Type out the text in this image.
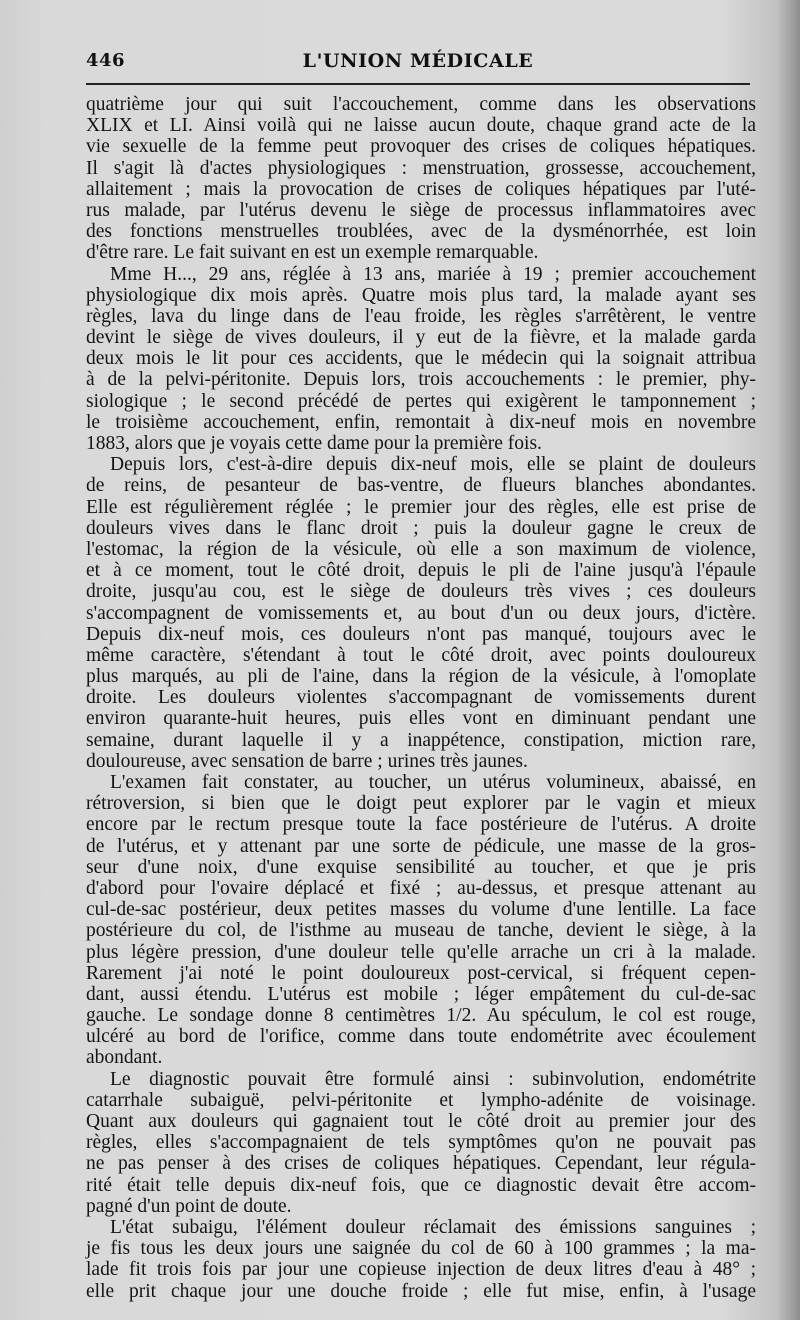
446	L'UNION MÉDICALE
quatrième jour qui suit l'accouchement, comme dans les observations
XLIX et LI. Ainsi voilà qui ne laisse aucun doute, chaque grand acte de la
vie sexuelle de la femme peut provoquer des crises de coliques hépatiques.
Il s'agit là d'actes physiologiques : menstruation, grossesse, accouchement,
allaitement ; mais la provocation de crises de coliques hépatiques par l'uté-
rus malade, par l'utérus devenu le siège de processus inflammatoires avec
des fonctions menstruelles troublées, avec de la dysménorrhée, est loin
d'être rare. Le fait suivant en est un exemple remarquable.
Mme H..., 29 ans, réglée à 13 ans, mariée à 19 ; premier accouchement
physiologique dix mois après. Quatre mois plus tard, la malade ayant ses
règles, lava du linge dans de l'eau froide, les règles s'arrêtèrent, le ventre
devint le siège de vives douleurs, il y eut de la fièvre, et la malade garda
deux mois le lit pour ces accidents, que le médecin qui la soignait attribua
à de la pelvi-péritonite. Depuis lors, trois accouchements : le premier, phy-
siologique ; le second précédé de pertes qui exigèrent le tamponnement ;
le troisième accouchement, enfin, remontait à dix-neuf mois en novembre
1883, alors que je voyais cette dame pour la première fois.
Depuis lors, c'est-à-dire depuis dix-neuf mois, elle se plaint de douleurs
de reins, de pesanteur de bas-ventre, de flueurs blanches abondantes.
Elle est régulièrement réglée ; le premier jour des règles, elle est prise de
douleurs vives dans le flanc droit ; puis la douleur gagne le creux de
l'estomac, la région de la vésicule, où elle a son maximum de violence,
et à ce moment, tout le côté droit, depuis le pli de l'aine jusqu'à l'épaule
droite, jusqu'au cou, est le siège de douleurs très vives ; ces douleurs
s'accompagnent de vomissements et, au bout d'un ou deux jours, d'ictère.
Depuis dix-neuf mois, ces douleurs n'ont pas manqué, toujours avec le
même caractère, s'étendant à tout le côté droit, avec points douloureux
plus marqués, au pli de l'aine, dans la région de la vésicule, à l'omoplate
droite. Les douleurs violentes s'accompagnant de vomissements durent
environ quarante-huit heures, puis elles vont en diminuant pendant une
semaine, durant laquelle il y a inappétence, constipation, miction rare,
douloureuse, avec sensation de barre ; urines très jaunes.
L'examen fait constater, au toucher, un utérus volumineux, abaissé, en
rétroversion, si bien que le doigt peut explorer par le vagin et mieux
encore par le rectum presque toute la face postérieure de l'utérus. A droite
de l'utérus, et y attenant par une sorte de pédicule, une masse de la gros-
seur d'une noix, d'une exquise sensibilité au toucher, et que je pris
d'abord pour l'ovaire déplacé et fixé ; au-dessus, et presque attenant au
cul-de-sac postérieur, deux petites masses du volume d'une lentille. La face
postérieure du col, de l'isthme au museau de tanche, devient le siège, à la
plus légère pression, d'une douleur telle qu'elle arrache un cri à la malade.
Rarement j'ai noté le point douloureux post-cervical, si fréquent cepen-
dant, aussi étendu. L'utérus est mobile ; léger empâtement du cul-de-sac
gauche. Le sondage donne 8 centimètres 1/2. Au spéculum, le col est rouge,
ulcéré au bord de l'orifice, comme dans toute endométrite avec écoulement
abondant.
Le diagnostic pouvait être formulé ainsi : subinvolution, endométrite
catarrhale subaiguë, pelvi-péritonite et lympho-adénite de voisinage.
Quant aux douleurs qui gagnaient tout le côté droit au premier jour des
règles, elles s'accompagnaient de tels symptômes qu'on ne pouvait pas
ne pas penser à des crises de coliques hépatiques. Cependant, leur régula-
rité était telle depuis dix-neuf fois, que ce diagnostic devait être accom-
pagné d'un point de doute.
L'état subaigu, l'élément douleur réclamait des émissions sanguines ;
je fis tous les deux jours une saignée du col de 60 à 100 grammes ; la ma-
lade fit trois fois par jour une copieuse injection de deux litres d'eau à 48° ;
elle prit chaque jour une douche froide ; elle fut mise, enfin, à l'usage
